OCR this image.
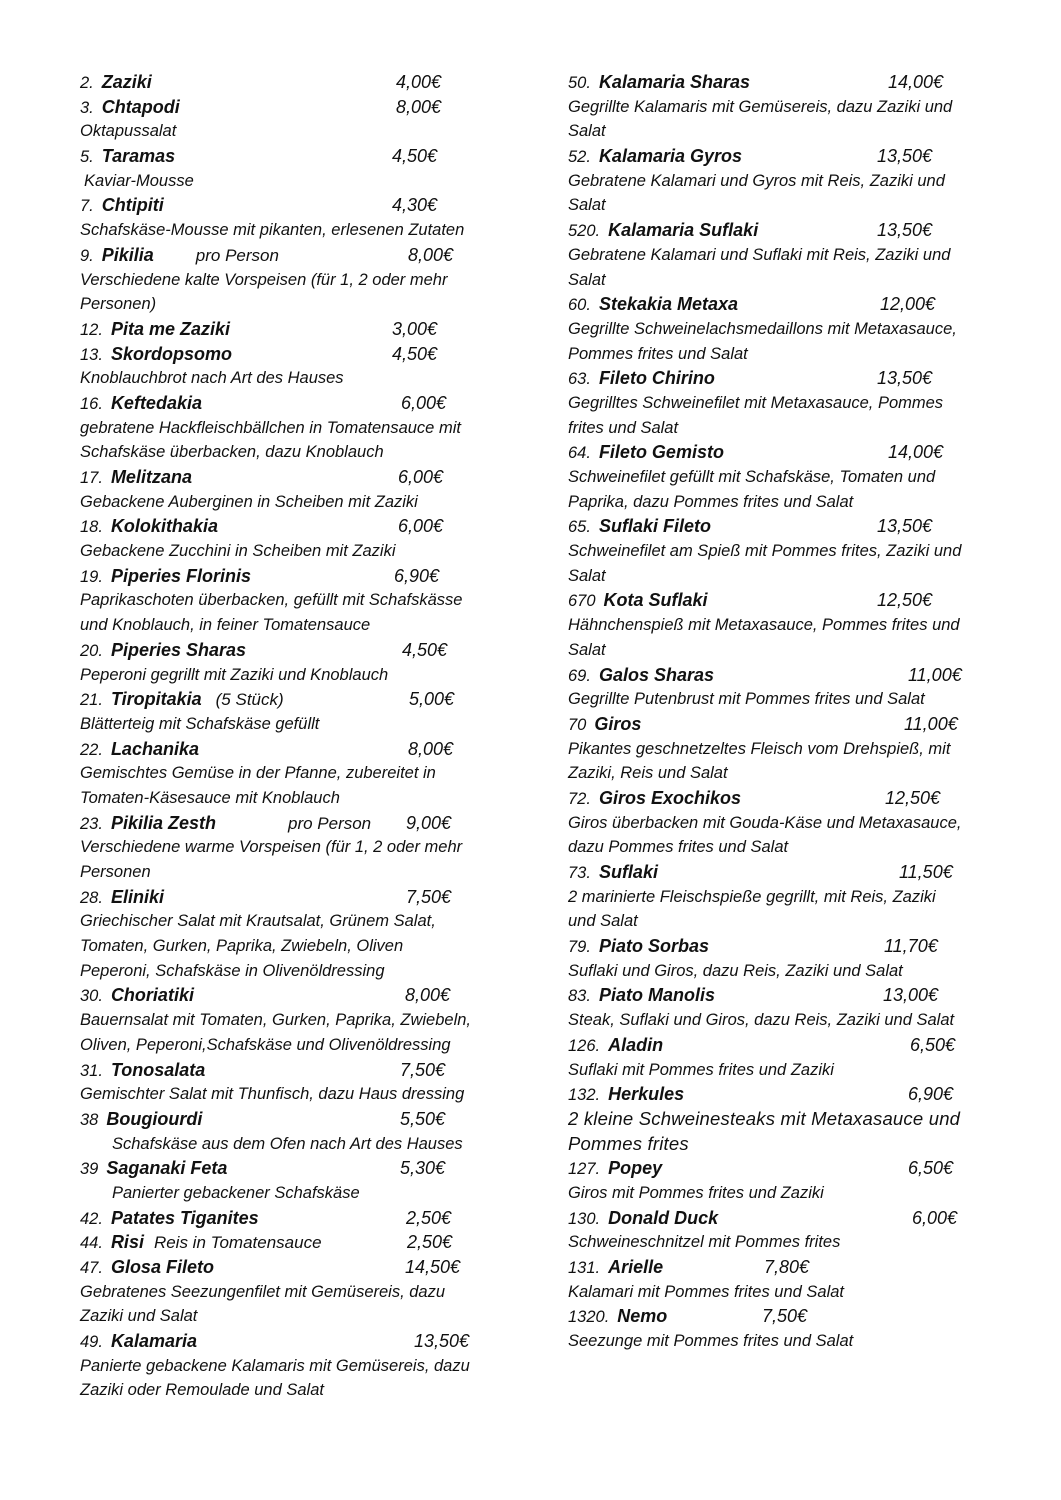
2. Zaziki	4,00€
3. Chtapodi	8,00€
Oktapussalat
5. Taramas	4,50€
Kaviar-Mousse
7. Chtipiti	4,30€
Schafskäse-Mousse mit pikanten, erlesenen Zutaten
9. Pikilia pro Person	8,00€
Verschiedene kalte Vorspeisen (für 1, 2 oder mehr
Personen)
12. Pita me Zaziki	3,00€
13. Skordopsomo	4,50€
Knoblauchbrot nach Art des Hauses
16. Keftedakia	6,00€
gebratene Hackfleischbällchen in Tomatensauce mit
Schafskäse überbacken, dazu Knoblauch
17. Melitzana	6,00€
Gebackene Auberginen in Scheiben mit Zaziki
18. Kolokithakia	6,00€
Gebackene Zucchini in Scheiben mit Zaziki
19. Piperies Florinis	6,90€
Paprikaschoten überbacken, gefüllt mit Schafskässe
und Knoblauch, in feiner Tomatensauce
20. Piperies Sharas	4,50€
Peperoni gegrillt mit Zaziki und Knoblauch
21. Tiropitakia (5 Stück)	5,00€
Blätterteig mit Schafskäse gefüllt
22. Lachanika	8,00€
Gemischtes Gemüse in der Pfanne, zubereitet in
Tomaten-Käsesauce mit Knoblauch
23. Pikilia Zesth	pro Person 9,00€
Verschiedene warme Vorspeisen (für 1, 2 oder mehr
Personen
28. Eliniki	7,50€
Griechischer Salat mit Krautsalat, Grünem Salat,
Tomaten, Gurken, Paprika, Zwiebeln, Oliven
Peperoni, Schafskäse in Olivenöldressing
30. Choriatiki	8,00€
Bauernsalat mit Tomaten, Gurken, Paprika, Zwiebeln,
Oliven, Peperoni,Schafskäse und Olivenöldressing
31. Tonosalata	7,50€
Gemischter Salat mit Thunfisch, dazu Haus dressing
38 Bougiourdi	5,50€
Schafskäse aus dem Ofen nach Art des Hauses
39 Saganaki Feta	5,30€
Panierter gebackener Schafskäse
42. Patates Tiganites	2,50€
44. Risi Reis in Tomatensauce	2,50€
47. Glosa Fileto	14,50€
Gebratenes Seezungenfilet mit Gemüsereis, dazu
Zaziki und Salat
49. Kalamaria	13,50€
Panierte gebackene Kalamaris mit Gemüsereis, dazu
Zaziki oder Remoulade und Salat
50. Kalamaria Sharas	14,00€
Gegrillte Kalamaris mit Gemüsereis, dazu Zaziki und
Salat
52. Kalamaria Gyros	13,50€
Gebratene Kalamari und Gyros mit Reis, Zaziki und
Salat
520. Kalamaria Suflaki	13,50€
Gebratene Kalamari und Suflaki mit Reis, Zaziki und
Salat
60. Stekakia Metaxa	12,00€
Gegrillte Schweinelachsmedaillons mit Metaxasauce,
Pommes frites und Salat
63. Fileto Chirino	13,50€
Gegrilltes Schweinefilet mit Metaxasauce, Pommes
frites und Salat
64. Fileto Gemisto	14,00€
Schweinefilet gefüllt mit Schafskäse, Tomaten und
Paprika, dazu Pommes frites und Salat
65. Suflaki Fileto	13,50€
Schweinefilet am Spieß mit Pommes frites, Zaziki und
Salat
670 Kota Suflaki	12,50€
Hähnchenspieß mit Metaxasauce, Pommes frites und
Salat
69. Galos Sharas	11,00€
Gegrillte Putenbrust mit Pommes frites und Salat
70 Giros	11,00€
Pikantes geschnetzeltes Fleisch vom Drehspieß, mit
Zaziki, Reis und Salat
72. Giros Exochikos	12,50€
Giros überbacken mit Gouda-Käse und Metaxasauce,
dazu Pommes frites und Salat
73. Suflaki	11,50€
2 marinierte Fleischspieße gegrillt, mit Reis, Zaziki
und Salat
79. Piato Sorbas	11,70€
Suflaki und Giros, dazu Reis, Zaziki und Salat
83. Piato Manolis	13,00€
Steak, Suflaki und Giros, dazu Reis, Zaziki und Salat
126. Aladin	6,50€
Suflaki mit Pommes frites und Zaziki
132. Herkules	6,90€
2 kleine Schweinesteaks mit Metaxasauce und
Pommes frites
127. Popey	6,50€
Giros mit Pommes frites und Zaziki
130. Donald Duck	6,00€
Schweineschnitzel mit Pommes frites
131. Arielle	7,80€
Kalamari mit Pommes frites und Salat
1320. Nemo	7,50€
Seezunge mit Pommes frites und Salat
